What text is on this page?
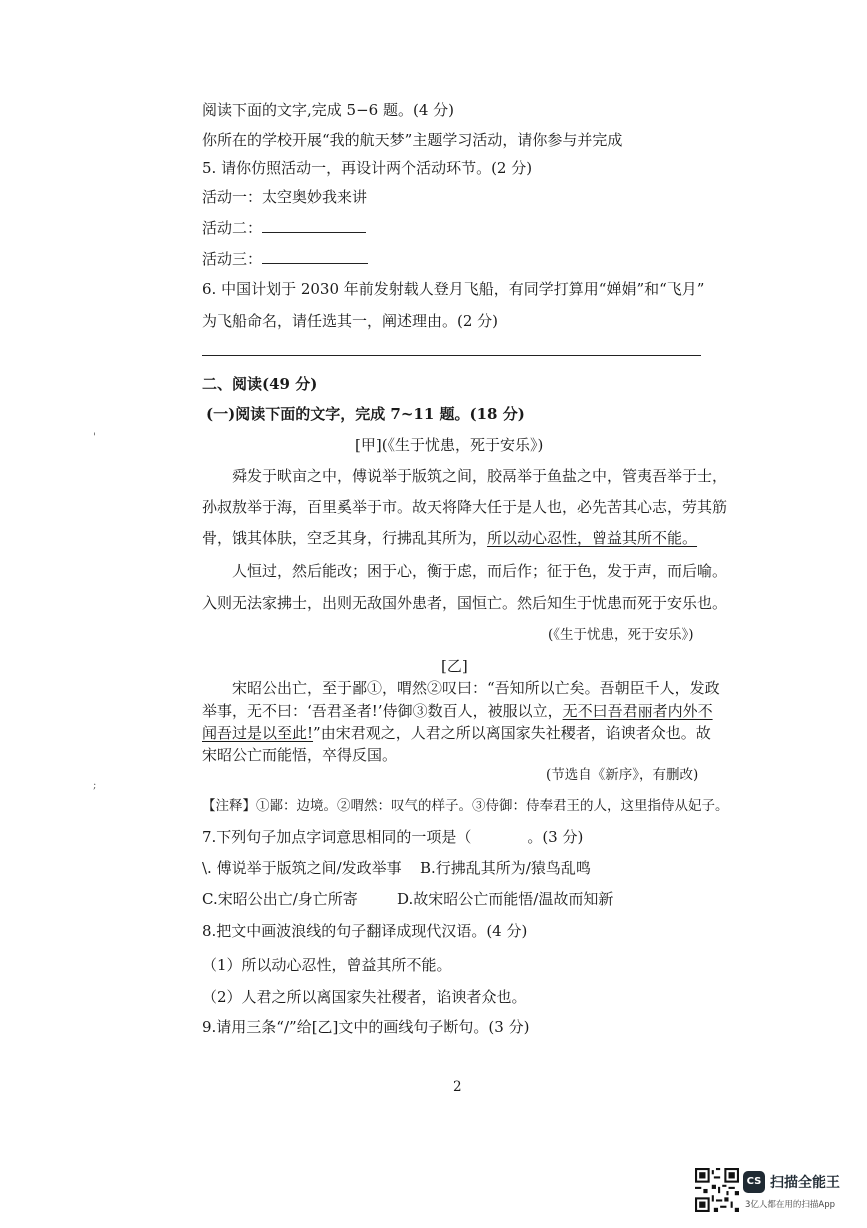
阅读下面的文字,完成 5−6 题。(4 分)
你所在的学校开展“我的航天梦”主题学习活动，请你参与并完成
5. 请你仿照活动一，再设计两个活动环节。(2 分)
活动一：太空奥妙我来讲
活动二：
活动三：
6. 中国计划于 2030 年前发射载人登月飞船，有同学打算用“婵娟”和“飞月”
为飞船命名，请任选其一，阐述理由。(2 分)
二、阅读(49 分)
(一)阅读下面的文字，完成 7~11 题。(18 分)
[甲](《生于忧患，死于安乐》)
舜发于畎亩之中，傅说举于版筑之间，胶鬲举于鱼盐之中，管夷吾举于士，
孙叔敖举于海，百里奚举于市。故天将降大任于是人也，必先苦其心志，劳其筋
骨，饿其体肤，空乏其身，行拂乱其所为，所以动心忍性，曾益其所不能。
人恒过，然后能改；困于心，衡于虑，而后作；征于色，发于声，而后喻。
入则无法家拂士，出则无敌国外患者，国恒亡。然后知生于忧患而死于安乐也。
(《生于忧患，死于安乐》)
[乙]
宋昭公出亡，至于鄙①，喟然②叹曰：“吾知所以亡矣。吾朝臣千人，发政
举事，无不曰：‘吾君圣者!’侍御③数百人，被服以立，无不曰吾君丽者内外不
闻吾过是以至此!”由宋君观之，人君之所以离国家失社稷者，谄谀者众也。故
宋昭公亡而能悟，卒得反国。
(节选自《新序》，有删改)
【注释】①鄙：边境。②喟然：叹气的样子。③侍御：侍奉君王的人，这里指侍从妃子。
7.下列句子加点字词意思相同的一项是（	。(3 分)
\. 傅说举于版筑之间/发政举事 B.行拂乱其所为/猿鸟乱鸣
C.宋昭公出亡/身亡所寄	D.故宋昭公亡而能悟/温故而知新
8.把文中画波浪线的句子翻译成现代汉语。(4 分)
（1）所以动心忍性，曾益其所不能。
（2）人君之所以离国家失社稷者，谄谀者众也。
9.请用三条“/”给[乙]文中的画线句子断句。(3 分)
2
'
;
CS 扫描全能王
3亿人都在用的扫描App
